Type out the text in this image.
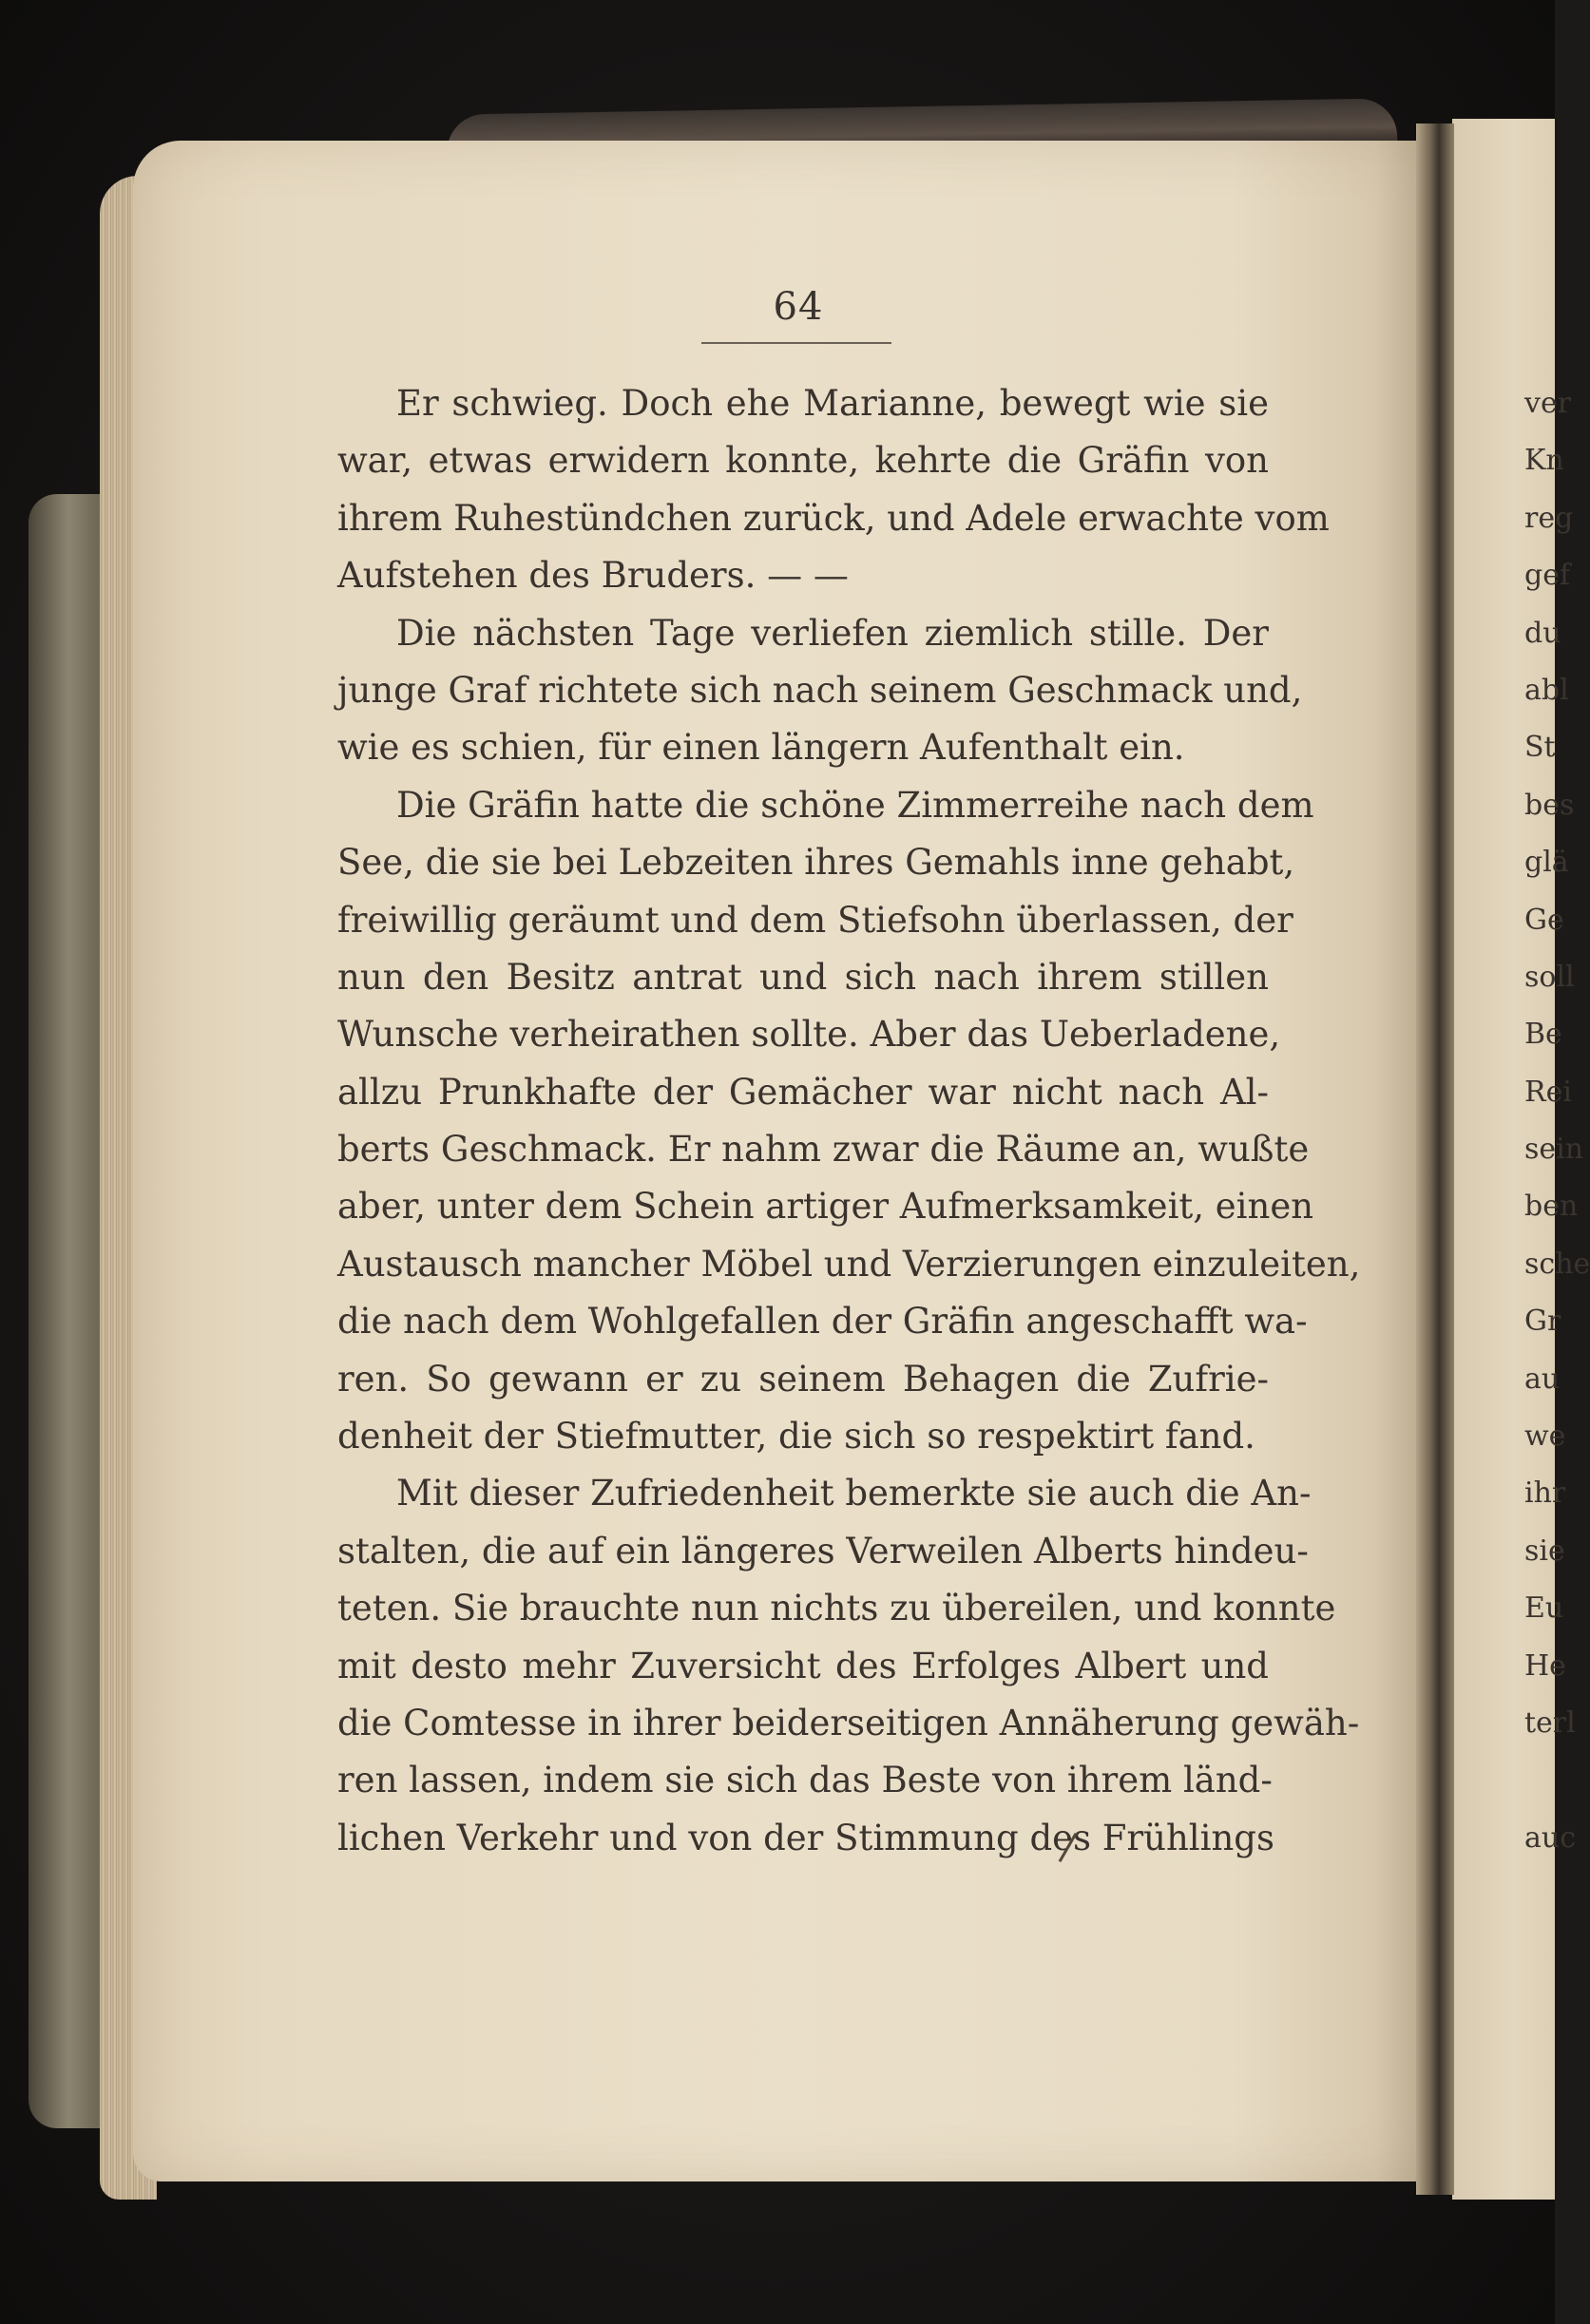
ver
Kn
reg
gef
du
abl
St
bes
glä
Ge
soll
Be
Rei
sein
ben
sche
Gr
au
we
ihr
sie
Eu
He
terl
auc
64
Er schwieg. Doch ehe Marianne, bewegt wie sie
war, etwas erwidern konnte, kehrte die Gräfin von
ihrem Ruhestündchen zurück, und Adele erwachte vom
Aufstehen des Bruders. — —
Die nächsten Tage verliefen ziemlich stille. Der
junge Graf richtete sich nach seinem Geschmack und,
wie es schien, für einen längern Aufenthalt ein.
Die Gräfin hatte die schöne Zimmerreihe nach dem
See, die sie bei Lebzeiten ihres Gemahls inne gehabt,
freiwillig geräumt und dem Stiefsohn überlassen, der
nun den Besitz antrat und sich nach ihrem stillen
Wunsche verheirathen sollte. Aber das Ueberladene,
allzu Prunkhafte der Gemächer war nicht nach Al-
berts Geschmack. Er nahm zwar die Räume an, wußte
aber, unter dem Schein artiger Aufmerksamkeit, einen
Austausch mancher Möbel und Verzierungen einzuleiten,
die nach dem Wohlgefallen der Gräfin angeschafft wa-
ren. So gewann er zu seinem Behagen die Zufrie-
denheit der Stiefmutter, die sich so respektirt fand.
Mit dieser Zufriedenheit bemerkte sie auch die An-
stalten, die auf ein längeres Verweilen Alberts hindeu-
teten. Sie brauchte nun nichts zu übereilen, und konnte
mit desto mehr Zuversicht des Erfolges Albert und
die Comtesse in ihrer beiderseitigen Annäherung gewäh-
ren lassen, indem sie sich das Beste von ihrem länd-
lichen Verkehr und von der Stimmung des Frühlings
